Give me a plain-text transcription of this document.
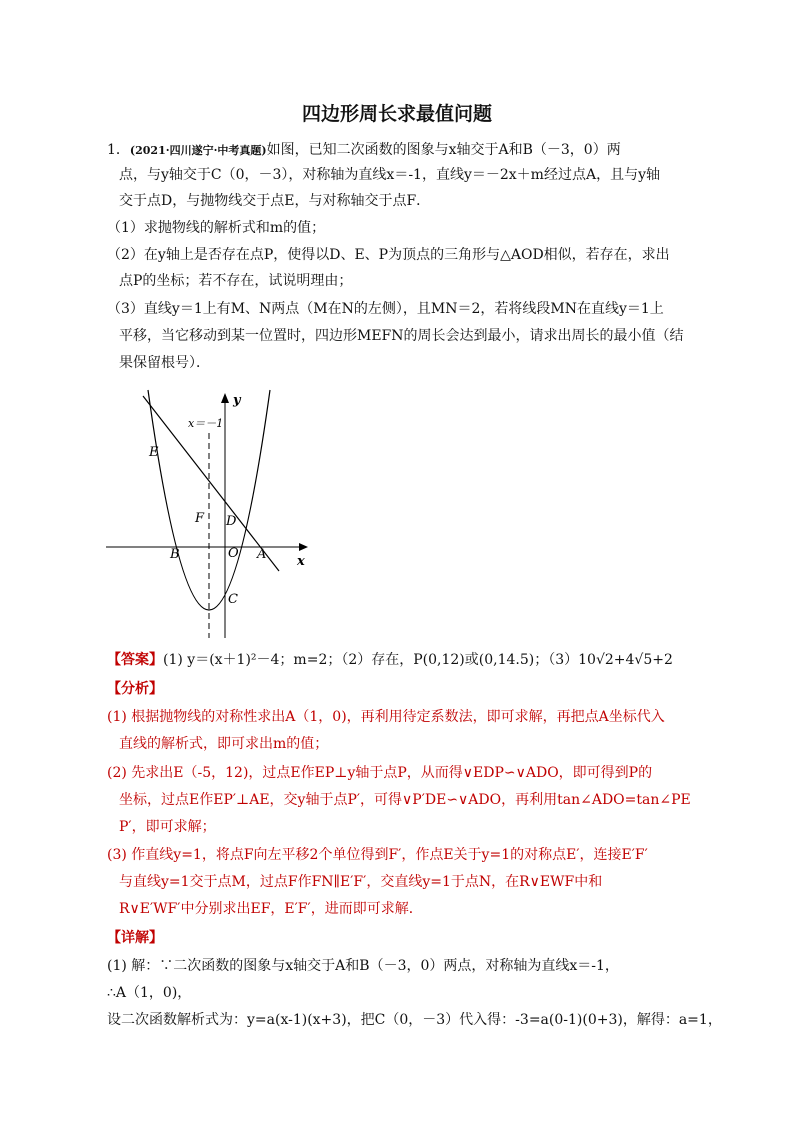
四边形周长求最值问题
1．(2021·四川遂宁·中考真题)如图，已知二次函数的图象与x轴交于A和B（－3，0）两
点，与y轴交于C（0，－3），对称轴为直线x＝-1，直线y＝－2x＋m经过点A，且与y轴
交于点D，与抛物线交于点E，与对称轴交于点F．
（1）求抛物线的解析式和m的值；
（2）在y轴上是否存在点P，使得以D、E、P为顶点的三角形与△AOD相似，若存在，求出
点P的坐标；若不存在，试说明理由；
（3）直线y＝1上有M、N两点（M在N的左侧），且MN＝2，若将线段MN在直线y＝1上
平移，当它移动到某一位置时，四边形MEFN的周长会达到最小，请求出周长的最小值（结
果保留根号）．
x＝－1
y
x
E
F D
B	O A
C
【答案】(1) y＝(x＋1)²－4；m=2；（2）存在，P(0,12)或(0,14.5)；（3）10√2+4√5+2
【分析】
(1) 根据抛物线的对称性求出A（1，0)，再利用待定系数法，即可求解，再把点A坐标代入
直线的解析式，即可求出m的值；
(2) 先求出E（-5，12)，过点E作EP⊥y轴于点P，从而得∨EDP∽∨ADO，即可得到P的
坐标，过点E作EP′⊥AE，交y轴于点P′，可得∨P′DE∽∨ADO，再利用tan∠ADO=tan∠PE
P′，即可求解；
(3) 作直线y=1，将点F向左平移2个单位得到F′，作点E关于y=1的对称点E′，连接E′F′
与直线y=1交于点M，过点F作FN∥E′F′，交直线y=1于点N，在R∨EWF中和
R∨E′WF′中分别求出EF，E′F′，进而即可求解．
【详解】
(1) 解：∵二次函数的图象与x轴交于A和B（－3，0）两点，对称轴为直线x＝-1，
∴A（1，0)，
设二次函数解析式为：y=a(x-1)(x+3)，把C（0，－3）代入得：-3=a(0-1)(0+3)，解得：a=1，
